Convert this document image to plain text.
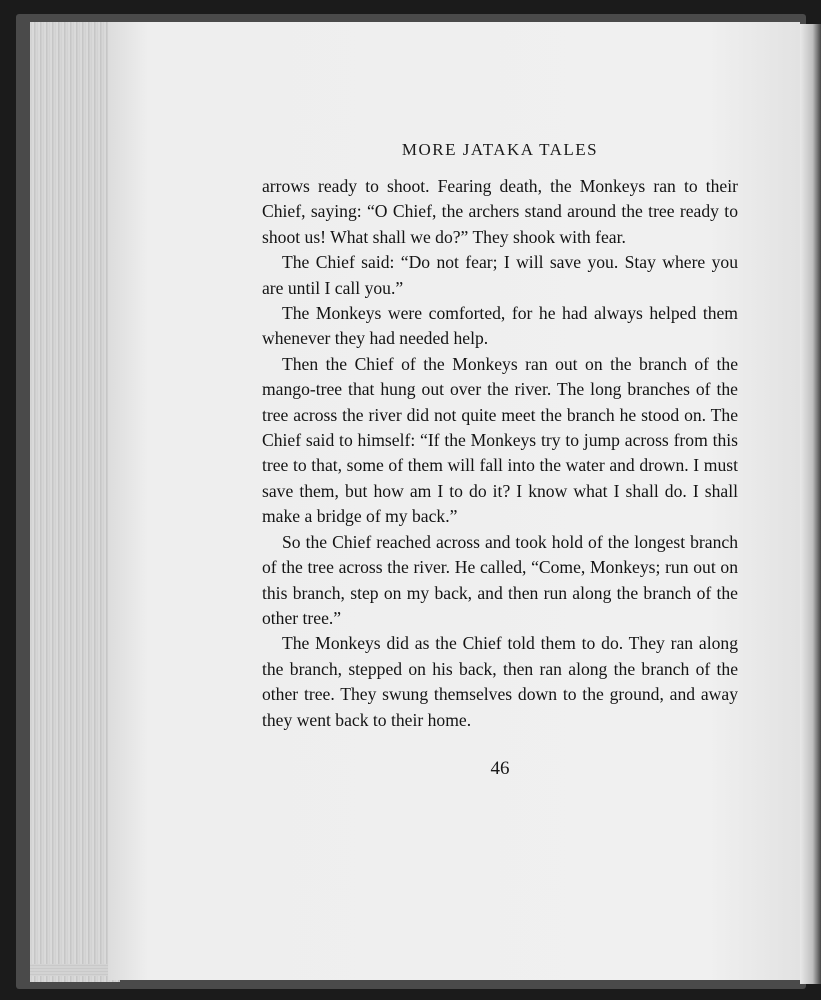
MORE JATAKA TALES

arrows ready to shoot. Fearing death, the Monkeys ran to their Chief, saying: “O Chief, the archers stand around the tree ready to shoot us! What shall we do?” They shook with fear.

The Chief said: “Do not fear; I will save you. Stay where you are until I call you.”

The Monkeys were comforted, for he had always helped them whenever they had needed help.

Then the Chief of the Monkeys ran out on the branch of the mango-tree that hung out over the river. The long branches of the tree across the river did not quite meet the branch he stood on. The Chief said to himself: “If the Monkeys try to jump across from this tree to that, some of them will fall into the water and drown. I must save them, but how am I to do it? I know what I shall do. I shall make a bridge of my back.”

So the Chief reached across and took hold of the longest branch of the tree across the river. He called, “Come, Monkeys; run out on this branch, step on my back, and then run along the branch of the other tree.”

The Monkeys did as the Chief told them to do. They ran along the branch, stepped on his back, then ran along the branch of the other tree. They swung themselves down to the ground, and away they went back to their home.

46
